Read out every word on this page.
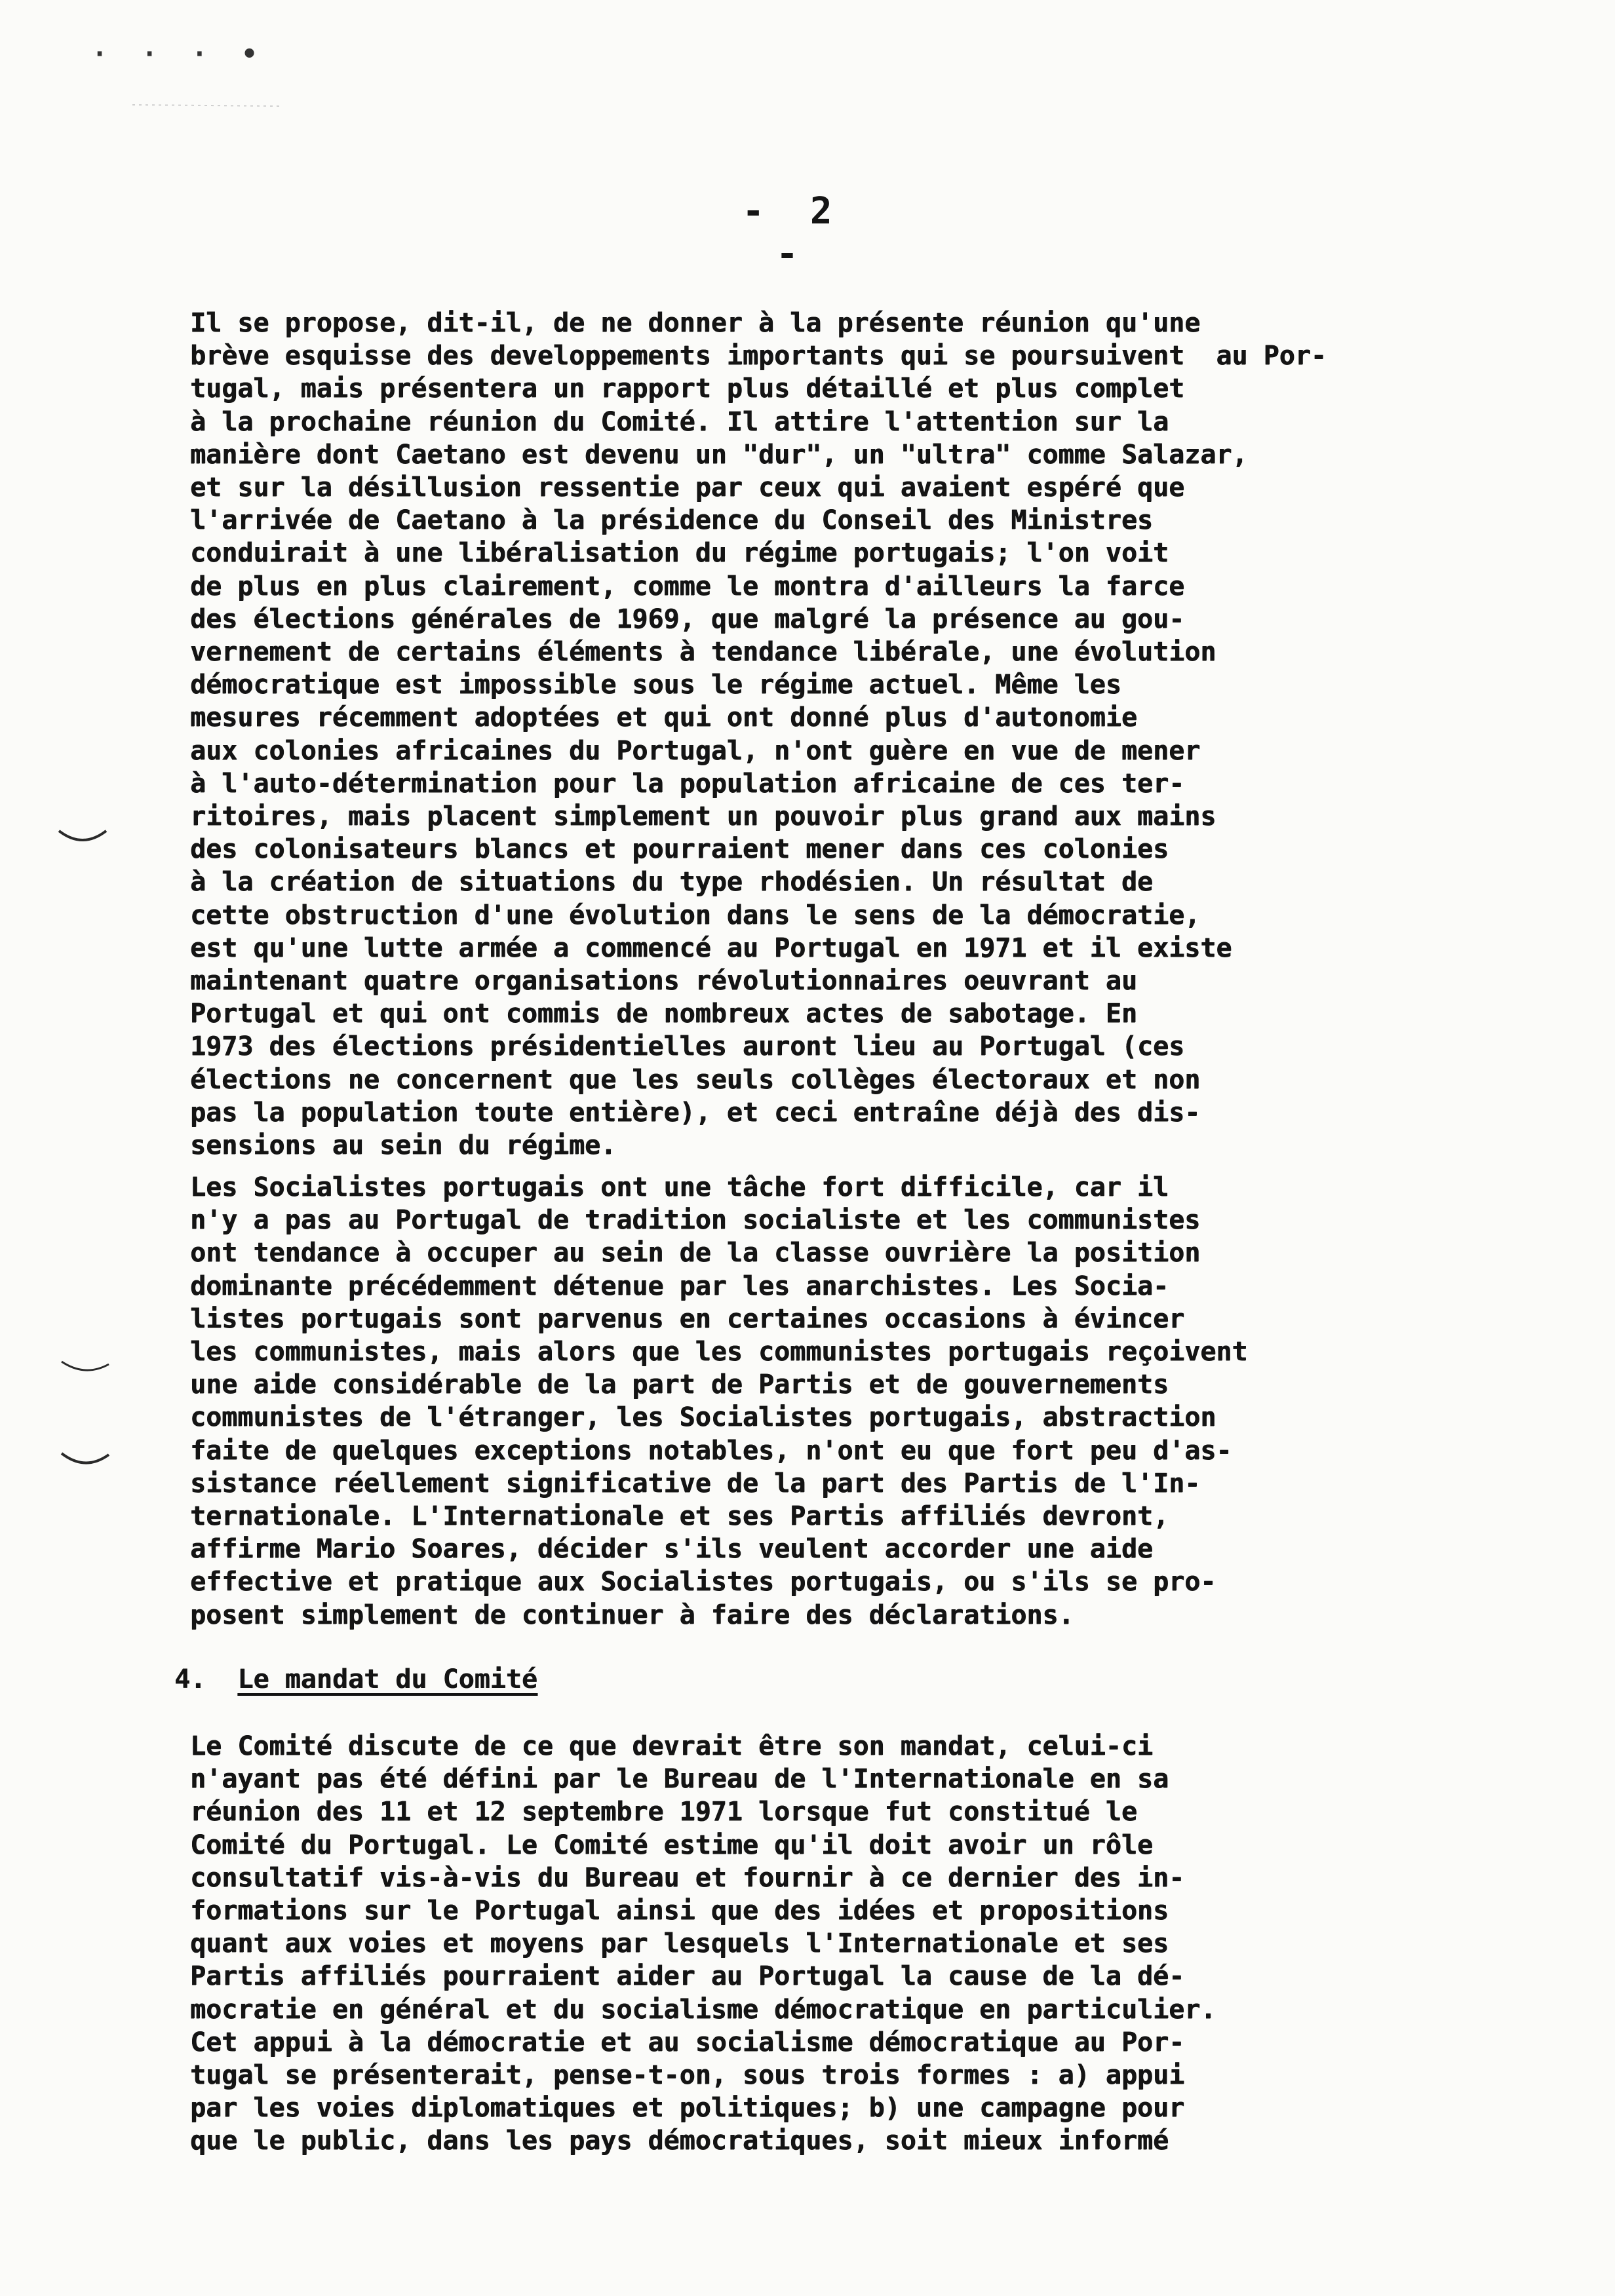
· · · •
- 2 -
Il se propose, dit-il, de ne donner à la présente réunion qu'une
brève esquisse des developpements importants qui se poursuivent  au Por-
tugal, mais présentera un rapport plus détaillé et plus complet
à la prochaine réunion du Comité. Il attire l'attention sur la
manière dont Caetano est devenu un "dur", un "ultra" comme Salazar,
et sur la désillusion ressentie par ceux qui avaient espéré que
l'arrivée de Caetano à la présidence du Conseil des Ministres
conduirait à une libéralisation du régime portugais; l'on voit
de plus en plus clairement, comme le montra d'ailleurs la farce
des élections générales de 1969, que malgré la présence au gou-
vernement de certains éléments à tendance libérale, une évolution
démocratique est impossible sous le régime actuel. Même les
mesures récemment adoptées et qui ont donné plus d'autonomie
aux colonies africaines du Portugal, n'ont guère en vue de mener
à l'auto-détermination pour la population africaine de ces ter-
ritoires, mais placent simplement un pouvoir plus grand aux mains
des colonisateurs blancs et pourraient mener dans ces colonies
à la création de situations du type rhodésien. Un résultat de
cette obstruction d'une évolution dans le sens de la démocratie,
est qu'une lutte armée a commencé au Portugal en 1971 et il existe
maintenant quatre organisations révolutionnaires oeuvrant au
Portugal et qui ont commis de nombreux actes de sabotage. En
1973 des élections présidentielles auront lieu au Portugal (ces
élections ne concernent que les seuls collèges électoraux et non
pas la population toute entière), et ceci entraîne déjà des dis-
sensions au sein du régime.
Les Socialistes portugais ont une tâche fort difficile, car il
n'y a pas au Portugal de tradition socialiste et les communistes
ont tendance à occuper au sein de la classe ouvrière la position
dominante précédemment détenue par les anarchistes. Les Socia-
listes portugais sont parvenus en certaines occasions à évincer
les communistes, mais alors que les communistes portugais reçoivent
une aide considérable de la part de Partis et de gouvernements
communistes de l'étranger, les Socialistes portugais, abstraction
faite de quelques exceptions notables, n'ont eu que fort peu d'as-
sistance réellement significative de la part des Partis de l'In-
ternationale. L'Internationale et ses Partis affiliés devront,
affirme Mario Soares, décider s'ils veulent accorder une aide
effective et pratique aux Socialistes portugais, ou s'ils se pro-
posent simplement de continuer à faire des déclarations.
4. Le mandat du Comité
Le Comité discute de ce que devrait être son mandat, celui-ci
n'ayant pas été défini par le Bureau de l'Internationale en sa
réunion des 11 et 12 septembre 1971 lorsque fut constitué le
Comité du Portugal. Le Comité estime qu'il doit avoir un rôle
consultatif vis-à-vis du Bureau et fournir à ce dernier des in-
formations sur le Portugal ainsi que des idées et propositions
quant aux voies et moyens par lesquels l'Internationale et ses
Partis affiliés pourraient aider au Portugal la cause de la dé-
mocratie en général et du socialisme démocratique en particulier.
Cet appui à la démocratie et au socialisme démocratique au Por-
tugal se présenterait, pense-t-on, sous trois formes : a) appui
par les voies diplomatiques et politiques; b) une campagne pour
que le public, dans les pays démocratiques, soit mieux informé
